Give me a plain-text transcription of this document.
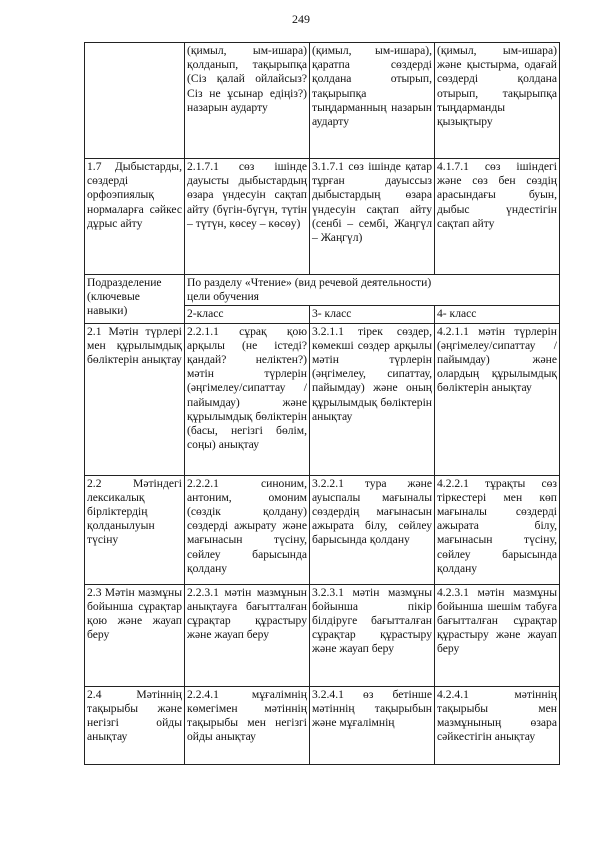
249
	(қимыл, ым-ишара) қолданып, тақырыпқа (Сіз қалай ойлайсыз? Сіз не ұсынар едіңіз?) назарын аударту	(қимыл, ым-ишара), қаратпа сөздерді қолдана отырып, тақырыпқа тыңдарманның назарын аударту	(қимыл, ым-ишара) және қыстырма, одағай сөздерді қолдана отырып, тақырыпқа тыңдарманды қызықтыру
1.7 Дыбыстарды, сөздерді орфоэпиялық нормаларға сәйкес дұрыс айту	2.1.7.1 сөз ішінде дауысты дыбыстардың өзара үндесуін сақтап айту (бүгін-бүгүн, түтін – түтүн, көсеу – көсөу)	3.1.7.1 сөз ішінде қатар тұрған дауыссыз дыбыстардың өзара үндесуін сақтап айту (сенбі – сембі, Жаңгүл – Жаңгүл)	4.1.7.1 сөз ішіндегі және сөз бен сөздің арасындағы буын, дыбыс үндестігін сақтап айту
Подразделение (ключевые навыки)	По разделу «Чтение» (вид речевой деятельности)
цели обучения		

	2-класс	3- класс	4- класс
2.1 Мәтін түрлері мен құрылымдық бөліктерін анықтау	2.2.1.1 сұрақ қою арқылы (не істеді? қандай? неліктен?) мәтін түрлерін (әңгімелеу/сипаттау / пайымдау) және құрылымдық бөліктерін (басы, негізгі бөлім, соңы) анықтау	3.2.1.1 тірек сөздер, көмекші сөздер арқылы мәтін түрлерін (әңгімелеу, сипаттау, пайымдау) және оның құрылымдық бөліктерін анықтау	4.2.1.1 мәтін түрлерін (әңгімелеу/сипаттау / пайымдау) және олардың құрылымдық бөліктерін анықтау
2.2 Мәтіндегі лексикалық бірліктердің қолданылуын түсіну	2.2.2.1 синоним, антоним, омоним (сөздік қолдану) сөздерді ажырату және мағынасын түсіну, сөйлеу барысында қолдану	3.2.2.1 тура және ауыспалы мағыналы сөздердің мағынасын ажырата білу, сөйлеу барысында қолдану	4.2.2.1 тұрақты сөз тіркестері мен көп мағыналы сөздерді ажырата білу, мағынасын түсіну, сөйлеу барысында қолдану
2.3 Мәтін мазмұны бойынша сұрақтар қою және жауап беру	2.2.3.1 мәтін мазмұнын анықтауға бағытталған сұрақтар құрастыру және жауап беру	3.2.3.1 мәтін мазмұны бойынша пікір білдіруге бағытталған сұрақтар құрастыру және жауап беру	4.2.3.1 мәтін мазмұны бойынша шешім табуға бағытталған сұрақтар құрастыру және жауап беру
2.4 Мәтіннің тақырыбы және негізгі ойды анықтау	2.2.4.1 мұғалімнің көмегімен мәтіннің тақырыбы мен негізгі ойды анықтау	3.2.4.1 өз бетінше мәтіннің тақырыбын және мұғалімнің	4.2.4.1 мәтіннің тақырыбы мен мазмұнының өзара сәйкестігін анықтау
